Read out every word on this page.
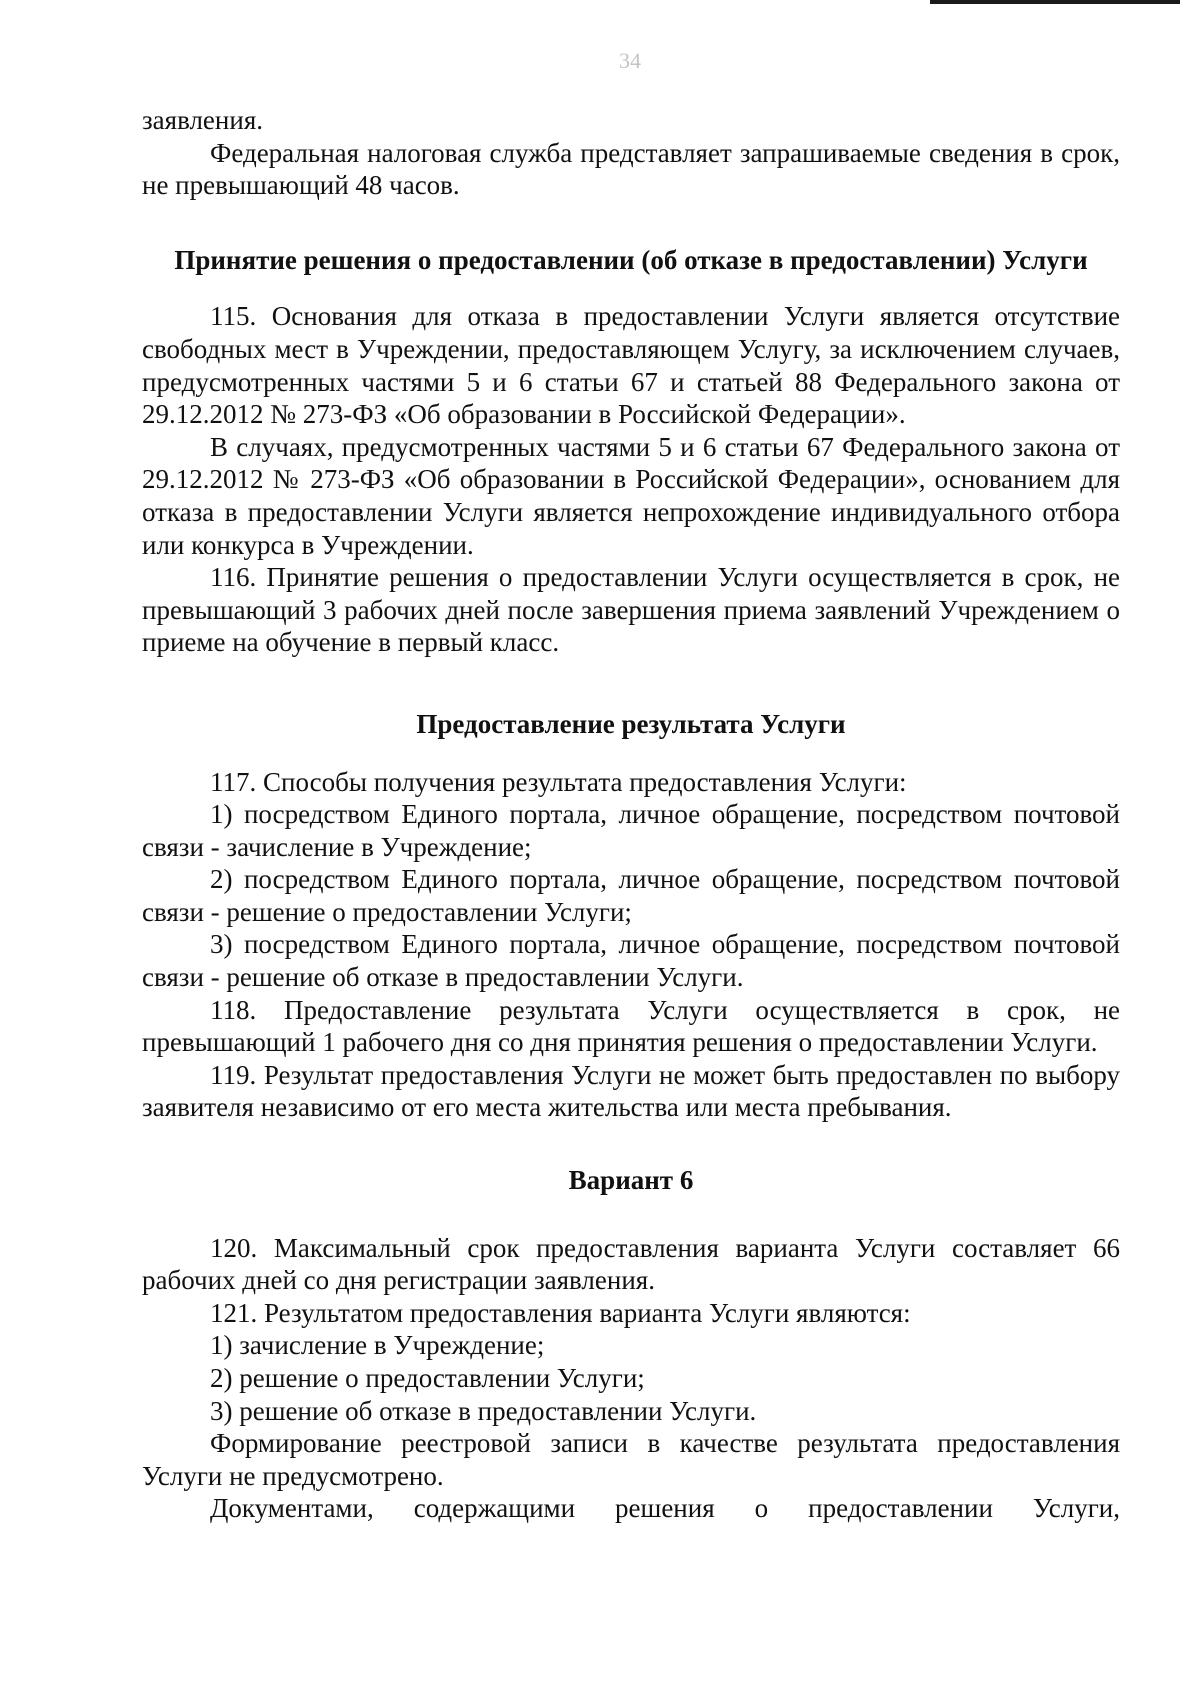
34

заявления.

Федеральная налоговая служба представляет запрашиваемые сведения в срок, не превышающий 48 часов.

Принятие решения о предоставлении (об отказе в предоставлении) Услуги

115. Основания для отказа в предоставлении Услуги является отсутствие свободных мест в Учреждении, предоставляющем Услугу, за исключением случаев, предусмотренных частями 5 и 6 статьи 67 и статьей 88 Федерального закона от 29.12.2012 № 273-ФЗ «Об образовании в Российской Федерации».

В случаях, предусмотренных частями 5 и 6 статьи 67 Федерального закона от 29.12.2012 № 273-ФЗ «Об образовании в Российской Федерации», основанием для отказа в предоставлении Услуги является непрохождение индивидуального отбора или конкурса в Учреждении.

116. Принятие решения о предоставлении Услуги осуществляется в срок, не превышающий 3 рабочих дней после завершения приема заявлений Учреждением о приеме на обучение в первый класс.

Предоставление результата Услуги

117. Способы получения результата предоставления Услуги:

1) посредством Единого портала, личное обращение, посредством почтовой связи - зачисление в Учреждение;

2) посредством Единого портала, личное обращение, посредством почтовой связи - решение о предоставлении Услуги;

3) посредством Единого портала, личное обращение, посредством почтовой связи - решение об отказе в предоставлении Услуги.

118. Предоставление результата Услуги осуществляется в срок, не превышающий 1 рабочего дня со дня принятия решения о предоставлении Услуги.

119. Результат предоставления Услуги не может быть предоставлен по выбору заявителя независимо от его места жительства или места пребывания.

Вариант 6

120. Максимальный срок предоставления варианта Услуги составляет 66 рабочих дней со дня регистрации заявления.

121. Результатом предоставления варианта Услуги являются:

1) зачисление в Учреждение;

2) решение о предоставлении Услуги;

3) решение об отказе в предоставлении Услуги.

Формирование реестровой записи в качестве результата предоставления Услуги не предусмотрено.

Документами, содержащими решения о предоставлении Услуги,
